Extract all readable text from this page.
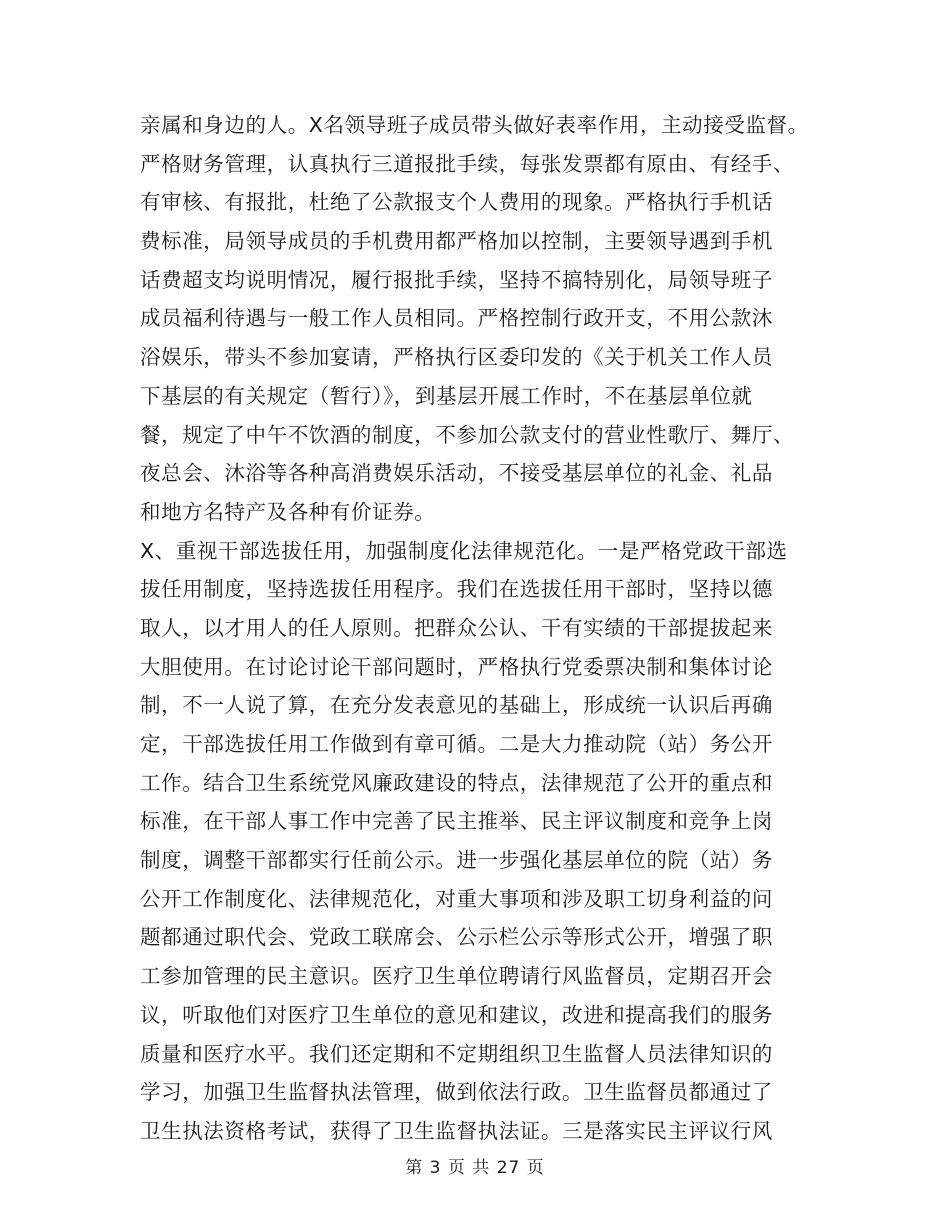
亲属和身边的人。X名领导班子成员带头做好表率作用，主动接受监督。
严格财务管理，认真执行三道报批手续，每张发票都有原由、有经手、
有审核、有报批，杜绝了公款报支个人费用的现象。严格执行手机话
费标准，局领导成员的手机费用都严格加以控制，主要领导遇到手机
话费超支均说明情况，履行报批手续，坚持不搞特别化，局领导班子
成员福利待遇与一般工作人员相同。严格控制行政开支，不用公款沐
浴娱乐，带头不参加宴请，严格执行区委印发的《关于机关工作人员
下基层的有关规定（暂行）》，到基层开展工作时，不在基层单位就
餐，规定了中午不饮酒的制度，不参加公款支付的营业性歌厅、舞厅、
夜总会、沐浴等各种高消费娱乐活动，不接受基层单位的礼金、礼品
和地方名特产及各种有价证券。
X、重视干部选拔任用，加强制度化法律规范化。一是严格党政干部选
拔任用制度，坚持选拔任用程序。我们在选拔任用干部时，坚持以德
取人，以才用人的任人原则。把群众公认、干有实绩的干部提拔起来
大胆使用。在讨论讨论干部问题时，严格执行党委票决制和集体讨论
制，不一人说了算，在充分发表意见的基础上，形成统一认识后再确
定，干部选拔任用工作做到有章可循。二是大力推动院（站）务公开
工作。结合卫生系统党风廉政建设的特点，法律规范了公开的重点和
标准，在干部人事工作中完善了民主推举、民主评议制度和竞争上岗
制度，调整干部都实行任前公示。进一步强化基层单位的院（站）务
公开工作制度化、法律规范化，对重大事项和涉及职工切身利益的问
题都通过职代会、党政工联席会、公示栏公示等形式公开，增强了职
工参加管理的民主意识。医疗卫生单位聘请行风监督员，定期召开会
议，听取他们对医疗卫生单位的意见和建议，改进和提高我们的服务
质量和医疗水平。我们还定期和不定期组织卫生监督人员法律知识的
学习，加强卫生监督执法管理，做到依法行政。卫生监督员都通过了
卫生执法资格考试，获得了卫生监督执法证。三是落实民主评议行风
第 3 页 共 27 页
